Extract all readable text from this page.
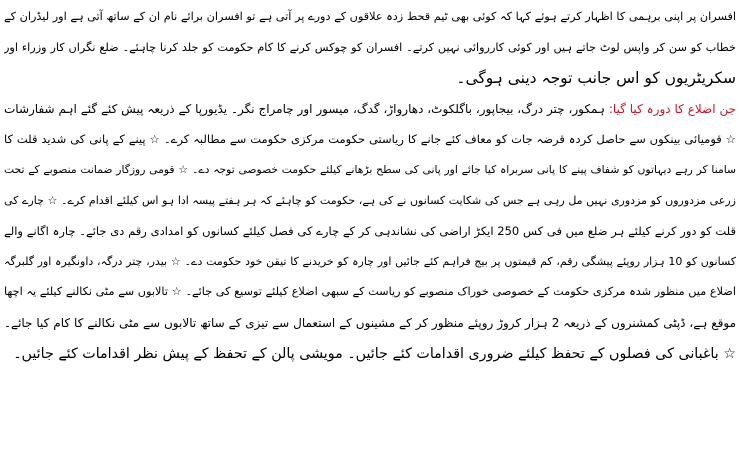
افسران پر اپنی برہمی کا اظہار کرتے ہوئے کہا کہ کوئی بھی ٹیم قحط زدہ علاقوں کے دورے پر آتی ہے تو افسران برائے نام ان کے ساتھ آتی ہے اور لیڈران کے
خطاب کو سن کر واپس لوٹ جاتے ہیں اور کوئی کارروائی نہیں کرتے۔ افسران کو چوکس کرنے کا کام حکومت کو جلد کرنا چاہئے۔ ضلع نگراں کار وزراء اور
سکریٹریوں کو اس جانب توجہ دینی ہوگی۔
جن اضلاع کا دورہ کیا گیا: ہمکور، چتر درگ، بیجاپور، باگلکوٹ، دھارواڑ، گدگ، میسور اور چامراج نگر۔ یڈیورپا کے ذریعہ پیش کئے گئے اہم شفارشات
☆ قومیائی بینکوں سے حاصل کردہ قرضہ جات کو معاف کئے جانے کا ریاستی حکومت مرکزی حکومت سے مطالبہ کرے۔ ☆ پینے کے پانی کی شدید قلت کا
سامنا کر رہے دیہاتوں کو شفاف پینے کا پانی سربراہ کیا جائے اور پانی کی سطح بڑھانے کیلئے حکومت خصوصی توجہ دے۔ ☆ قومی روزگار ضمانت منصوبے کے تحت
زرعی مزدوروں کو مزدوری نہیں مل رہی ہے جس کی شکایت کسانوں نے کی ہے، حکومت کو چاہئے کہ ہر ہفتے پیسہ ادا ہو اس کیلئے اقدام کرے۔ ☆ چارے کی
قلت کو دور کرنے کیلئے ہر ضلع میں فی کس 250 ایکڑ اراضی کی نشاندہی کر کے چارے کی فصل کیلئے کسانوں کو امدادی رقم دی جائے۔ چارہ اگانے والے
کسانوں کو 10 ہزار روپئے پیشگی رقم، کم قیمتوں پر بیج فراہم کئے جائیں اور چارہ کو خریدنے کا تیقن خود حکومت دے۔ ☆ بیدر، چتر درگہ، داونگیرہ اور گلبرگہ
اضلاع میں منظور شدہ مرکزی حکومت کے خصوصی خوراک منصوبے کو ریاست کے سبھی اضلاع کیلئے توسیع کی جائے۔ ☆ تالابوں سے مٹی نکالنے کیلئے یہ اچھا
موقع ہے، ڈپٹی کمشنروں کے ذریعہ 2 ہزار کروڑ روپئے منظور کر کے مشینوں کے استعمال سے تیزی کے ساتھ تالابوں سے مٹی نکالنے کا کام کیا جائے۔
☆ باغبانی کی فصلوں کے تحفظ کیلئے ضروری اقدامات کئے جائیں۔ مویشی پالن کے تحفظ کے پیش نظر اقدامات کئے جائیں۔
